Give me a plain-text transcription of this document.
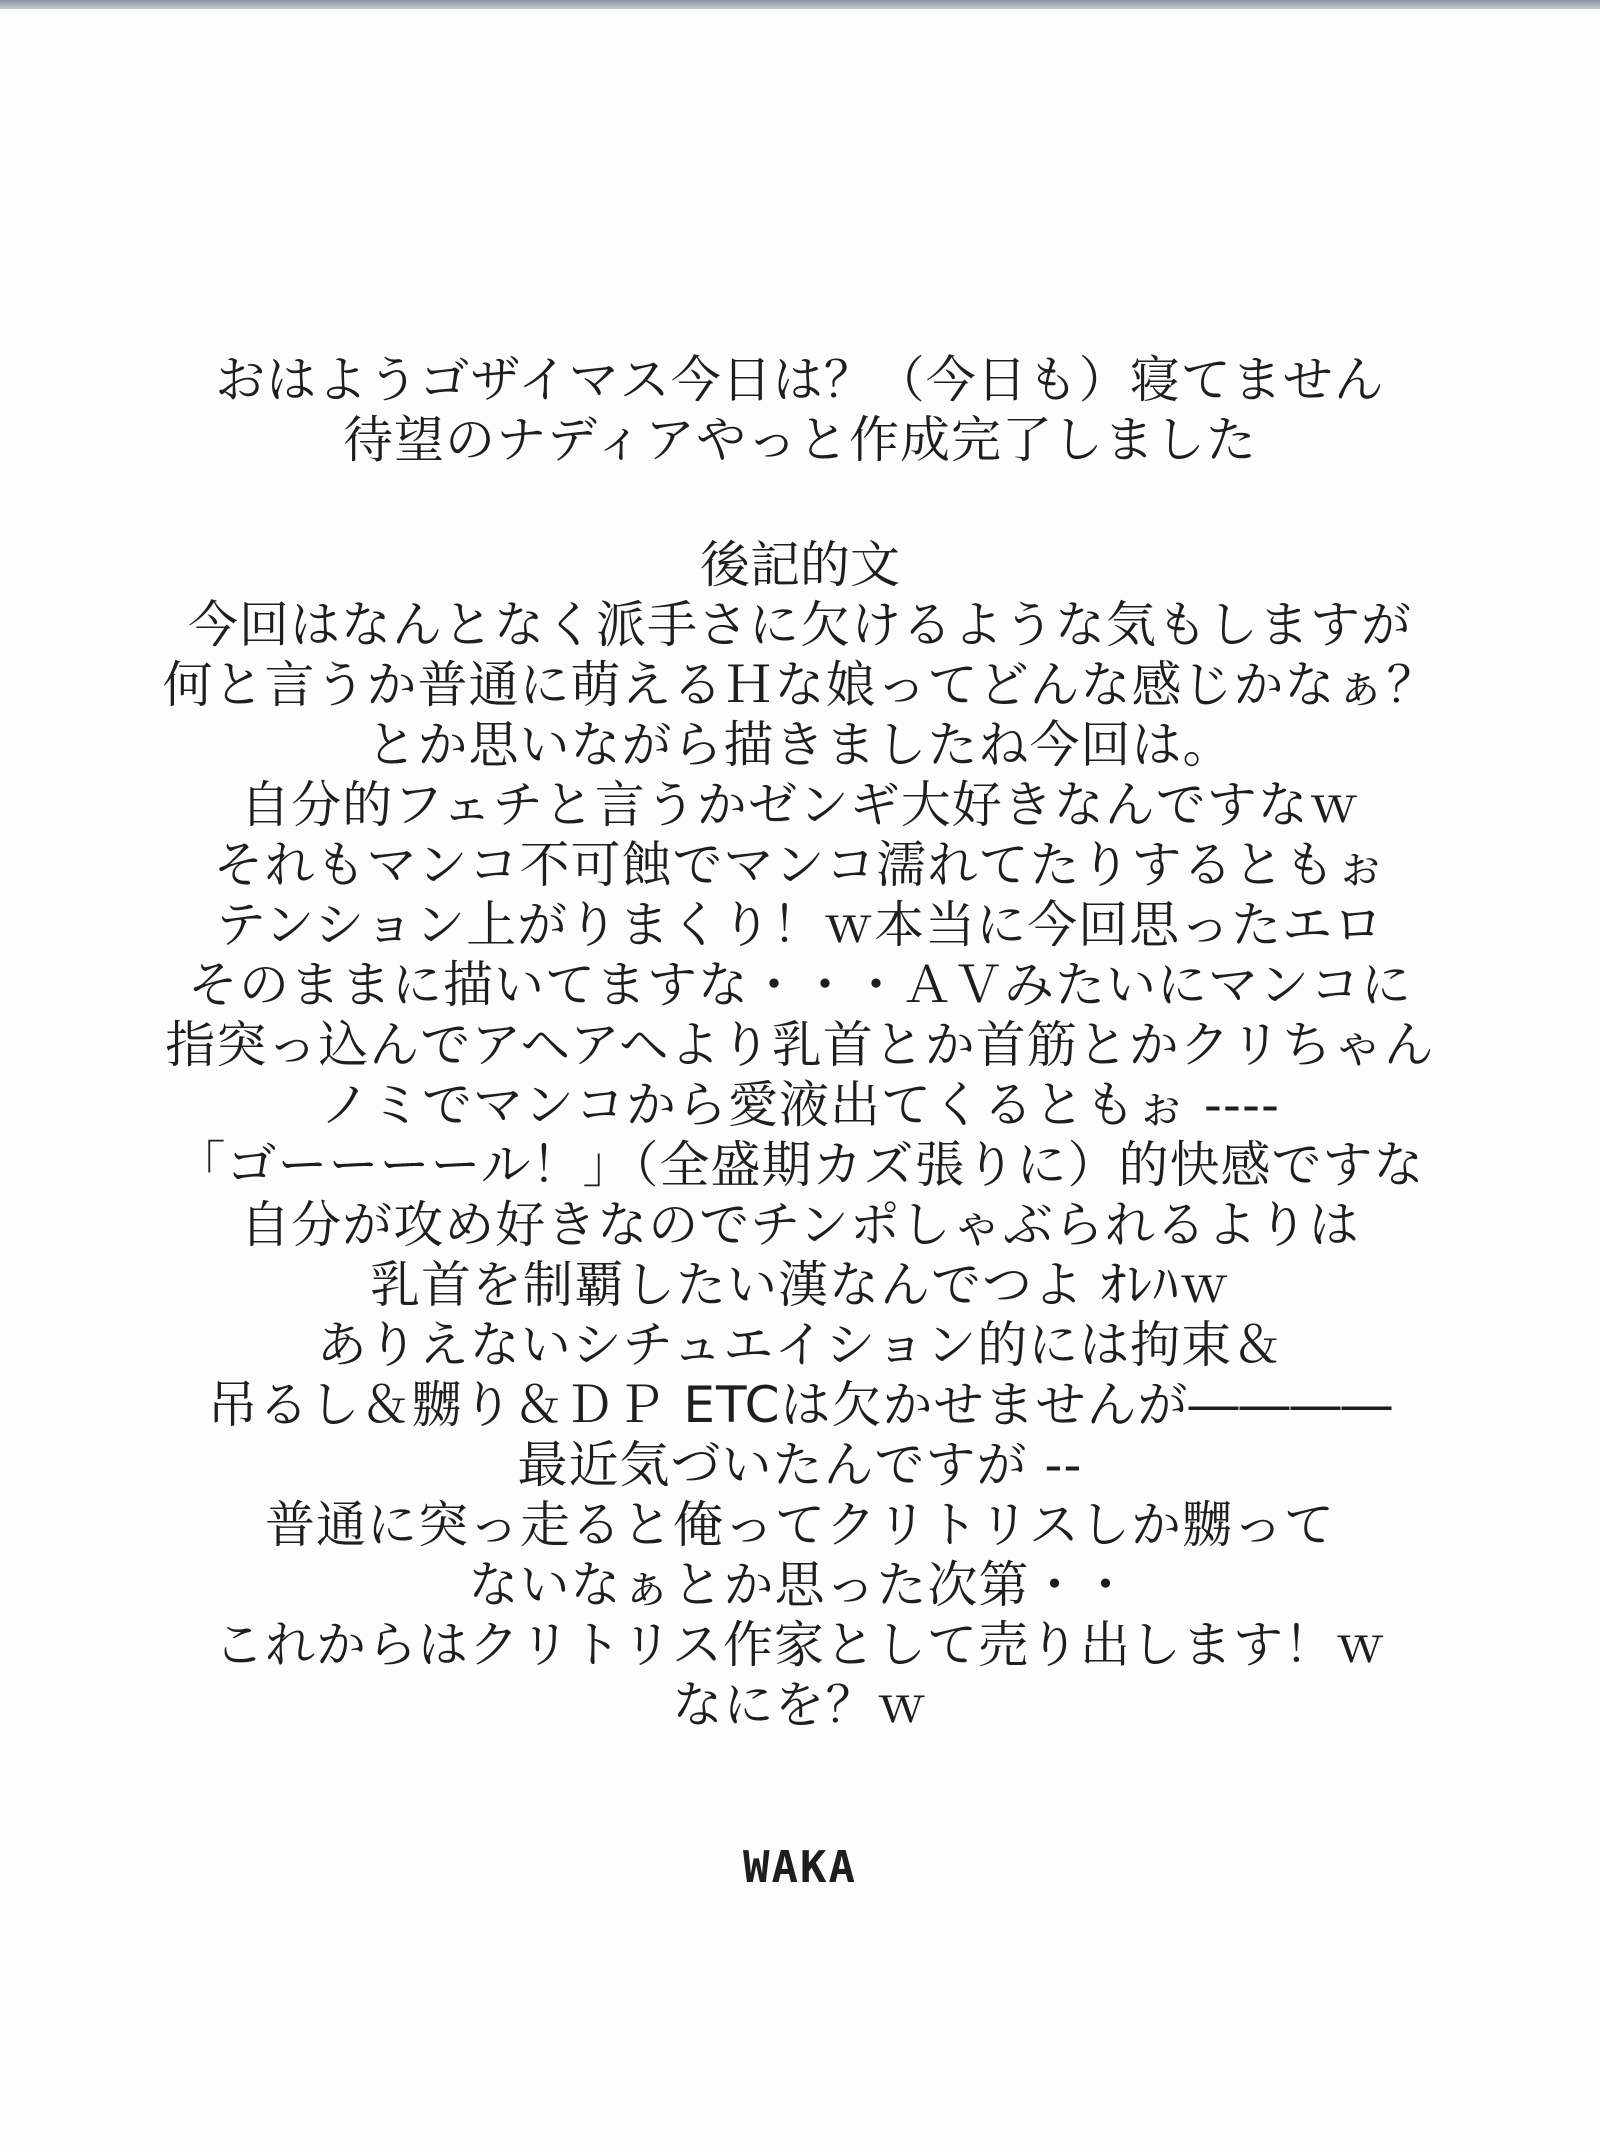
おはようゴザイマス今日は？（今日も）寝てません
待望のナディアやっと作成完了しました
後記的文
今回はなんとなく派手さに欠けるような気もしますが
何と言うか普通に萌えるＨな娘ってどんな感じかなぁ？
とか思いながら描きましたね今回は。
自分的フェチと言うかゼンギ大好きなんですなｗ
それもマンコ不可蝕でマンコ濡れてたりするともぉ
テンション上がりまくり！ｗ本当に今回思ったエロ
そのままに描いてますな・・・ＡＶみたいにマンコに
指突っ込んでアヘアヘより乳首とか首筋とかクリちゃん
ノミでマンコから愛液出てくるともぉ ----
「ゴーーーール！」（全盛期カズ張りに）的快感ですな
自分が攻め好きなのでチンポしゃぶられるよりは
乳首を制覇したい漢なんでつよ ｵﾚﾊｗ
ありえないシチュエイション的には拘束＆
吊るし＆嬲り＆ＤＰ ETCは欠かせませんが――――
最近気づいたんですが --
普通に突っ走ると俺ってクリトリスしか嬲って
ないなぁとか思った次第・・
これからはクリトリス作家として売り出します！ｗ
なにを？ｗ
WAKA
